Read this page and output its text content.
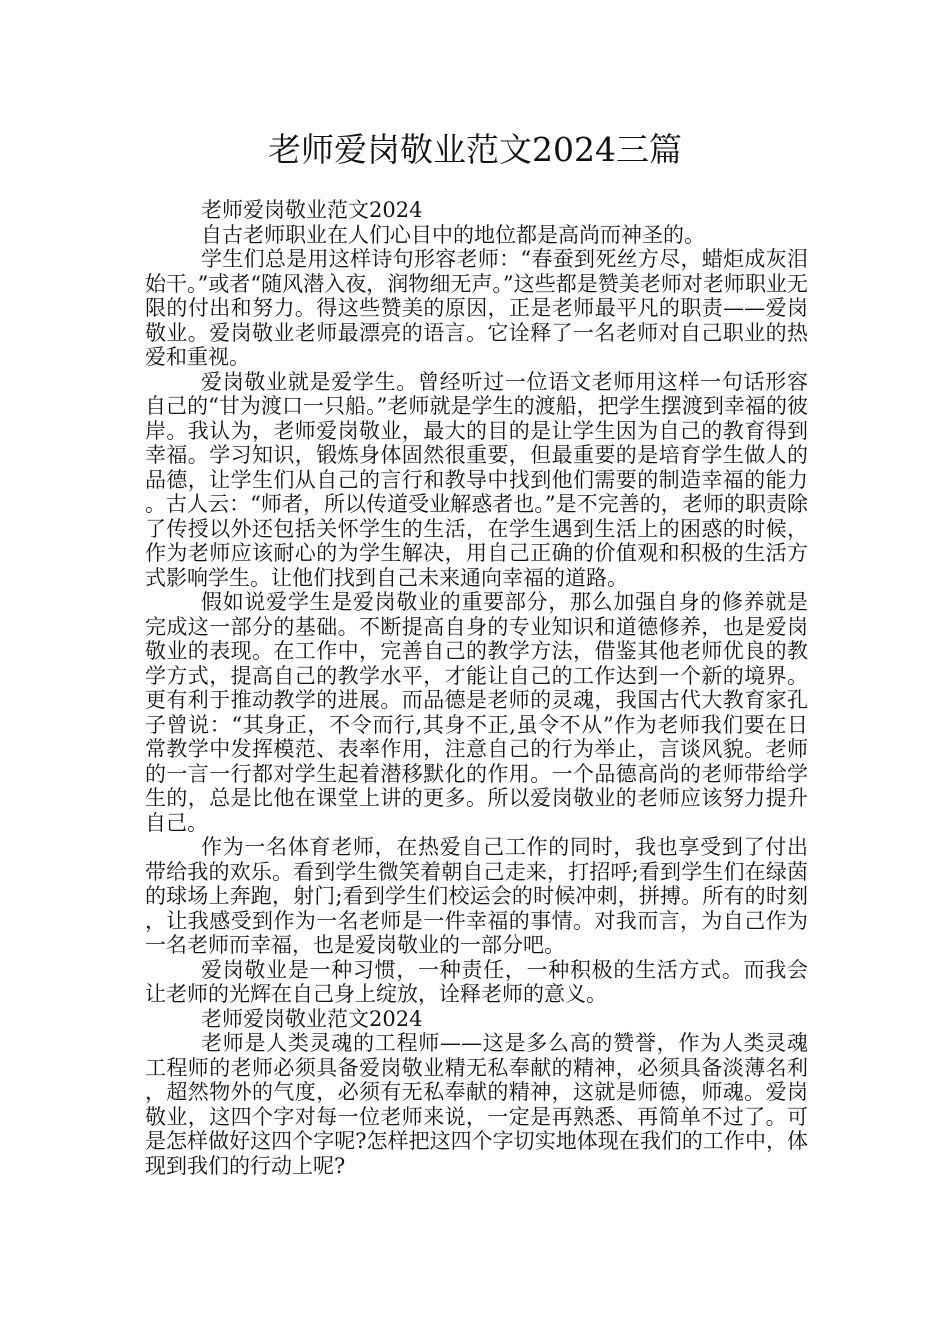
老师爱岗敬业范文2024三篇

老师爱岗敬业范文2024

自古老师职业在人们心目中的地位都是高尚而神圣的。

学生们总是用这样诗句形容老师：“春蚕到死丝方尽，蜡炬成灰泪始干。”或者“随风潜入夜，润物细无声。”这些都是赞美老师对老师职业无限的付出和努力。得这些赞美的原因，正是老师最平凡的职责——爱岗敬业。爱岗敬业老师最漂亮的语言。它诠释了一名老师对自己职业的热爱和重视。

爱岗敬业就是爱学生。曾经听过一位语文老师用这样一句话形容自己的“甘为渡口一只船。”老师就是学生的渡船，把学生摆渡到幸福的彼岸。我认为，老师爱岗敬业，最大的目的是让学生因为自己的教育得到幸福。学习知识，锻炼身体固然很重要，但最重要的是培育学生做人的品德，让学生们从自己的言行和教导中找到他们需要的制造幸福的能力。古人云：“师者，所以传道受业解惑者也。”是不完善的，老师的职责除了传授以外还包括关怀学生的生活，在学生遇到生活上的困惑的时候，作为老师应该耐心的为学生解决，用自己正确的价值观和积极的生活方式影响学生。让他们找到自己未来通向幸福的道路。

假如说爱学生是爱岗敬业的重要部分，那么加强自身的修养就是完成这一部分的基础。不断提高自身的专业知识和道德修养，也是爱岗敬业的表现。在工作中，完善自己的教学方法，借鉴其他老师优良的教学方式，提高自己的教学水平，才能让自己的工作达到一个新的境界。更有利于推动教学的进展。而品德是老师的灵魂，我国古代大教育家孔子曾说：“其身正，不令而行,其身不正,虽令不从”作为老师我们要在日常教学中发挥模范、表率作用，注意自己的行为举止，言谈风貌。老师的一言一行都对学生起着潜移默化的作用。一个品德高尚的老师带给学生的，总是比他在课堂上讲的更多。所以爱岗敬业的老师应该努力提升自己。

作为一名体育老师，在热爱自己工作的同时，我也享受到了付出带给我的欢乐。看到学生微笑着朝自己走来，打招呼;看到学生们在绿茵的球场上奔跑，射门;看到学生们校运会的时候冲刺，拼搏。所有的时刻，让我感受到作为一名老师是一件幸福的事情。对我而言，为自己作为一名老师而幸福，也是爱岗敬业的一部分吧。

爱岗敬业是一种习惯，一种责任，一种积极的生活方式。而我会让老师的光辉在自己身上绽放，诠释老师的意义。

老师爱岗敬业范文2024

老师是人类灵魂的工程师——这是多么高的赞誉，作为人类灵魂工程师的老师必须具备爱岗敬业精无私奉献的精神，必须具备淡薄名利，超然物外的气度，必须有无私奉献的精神，这就是师德，师魂。爱岗敬业，这四个字对每一位老师来说，一定是再熟悉、再简单不过了。可是怎样做好这四个字呢?怎样把这四个字切实地体现在我们的工作中，体现到我们的行动上呢?
